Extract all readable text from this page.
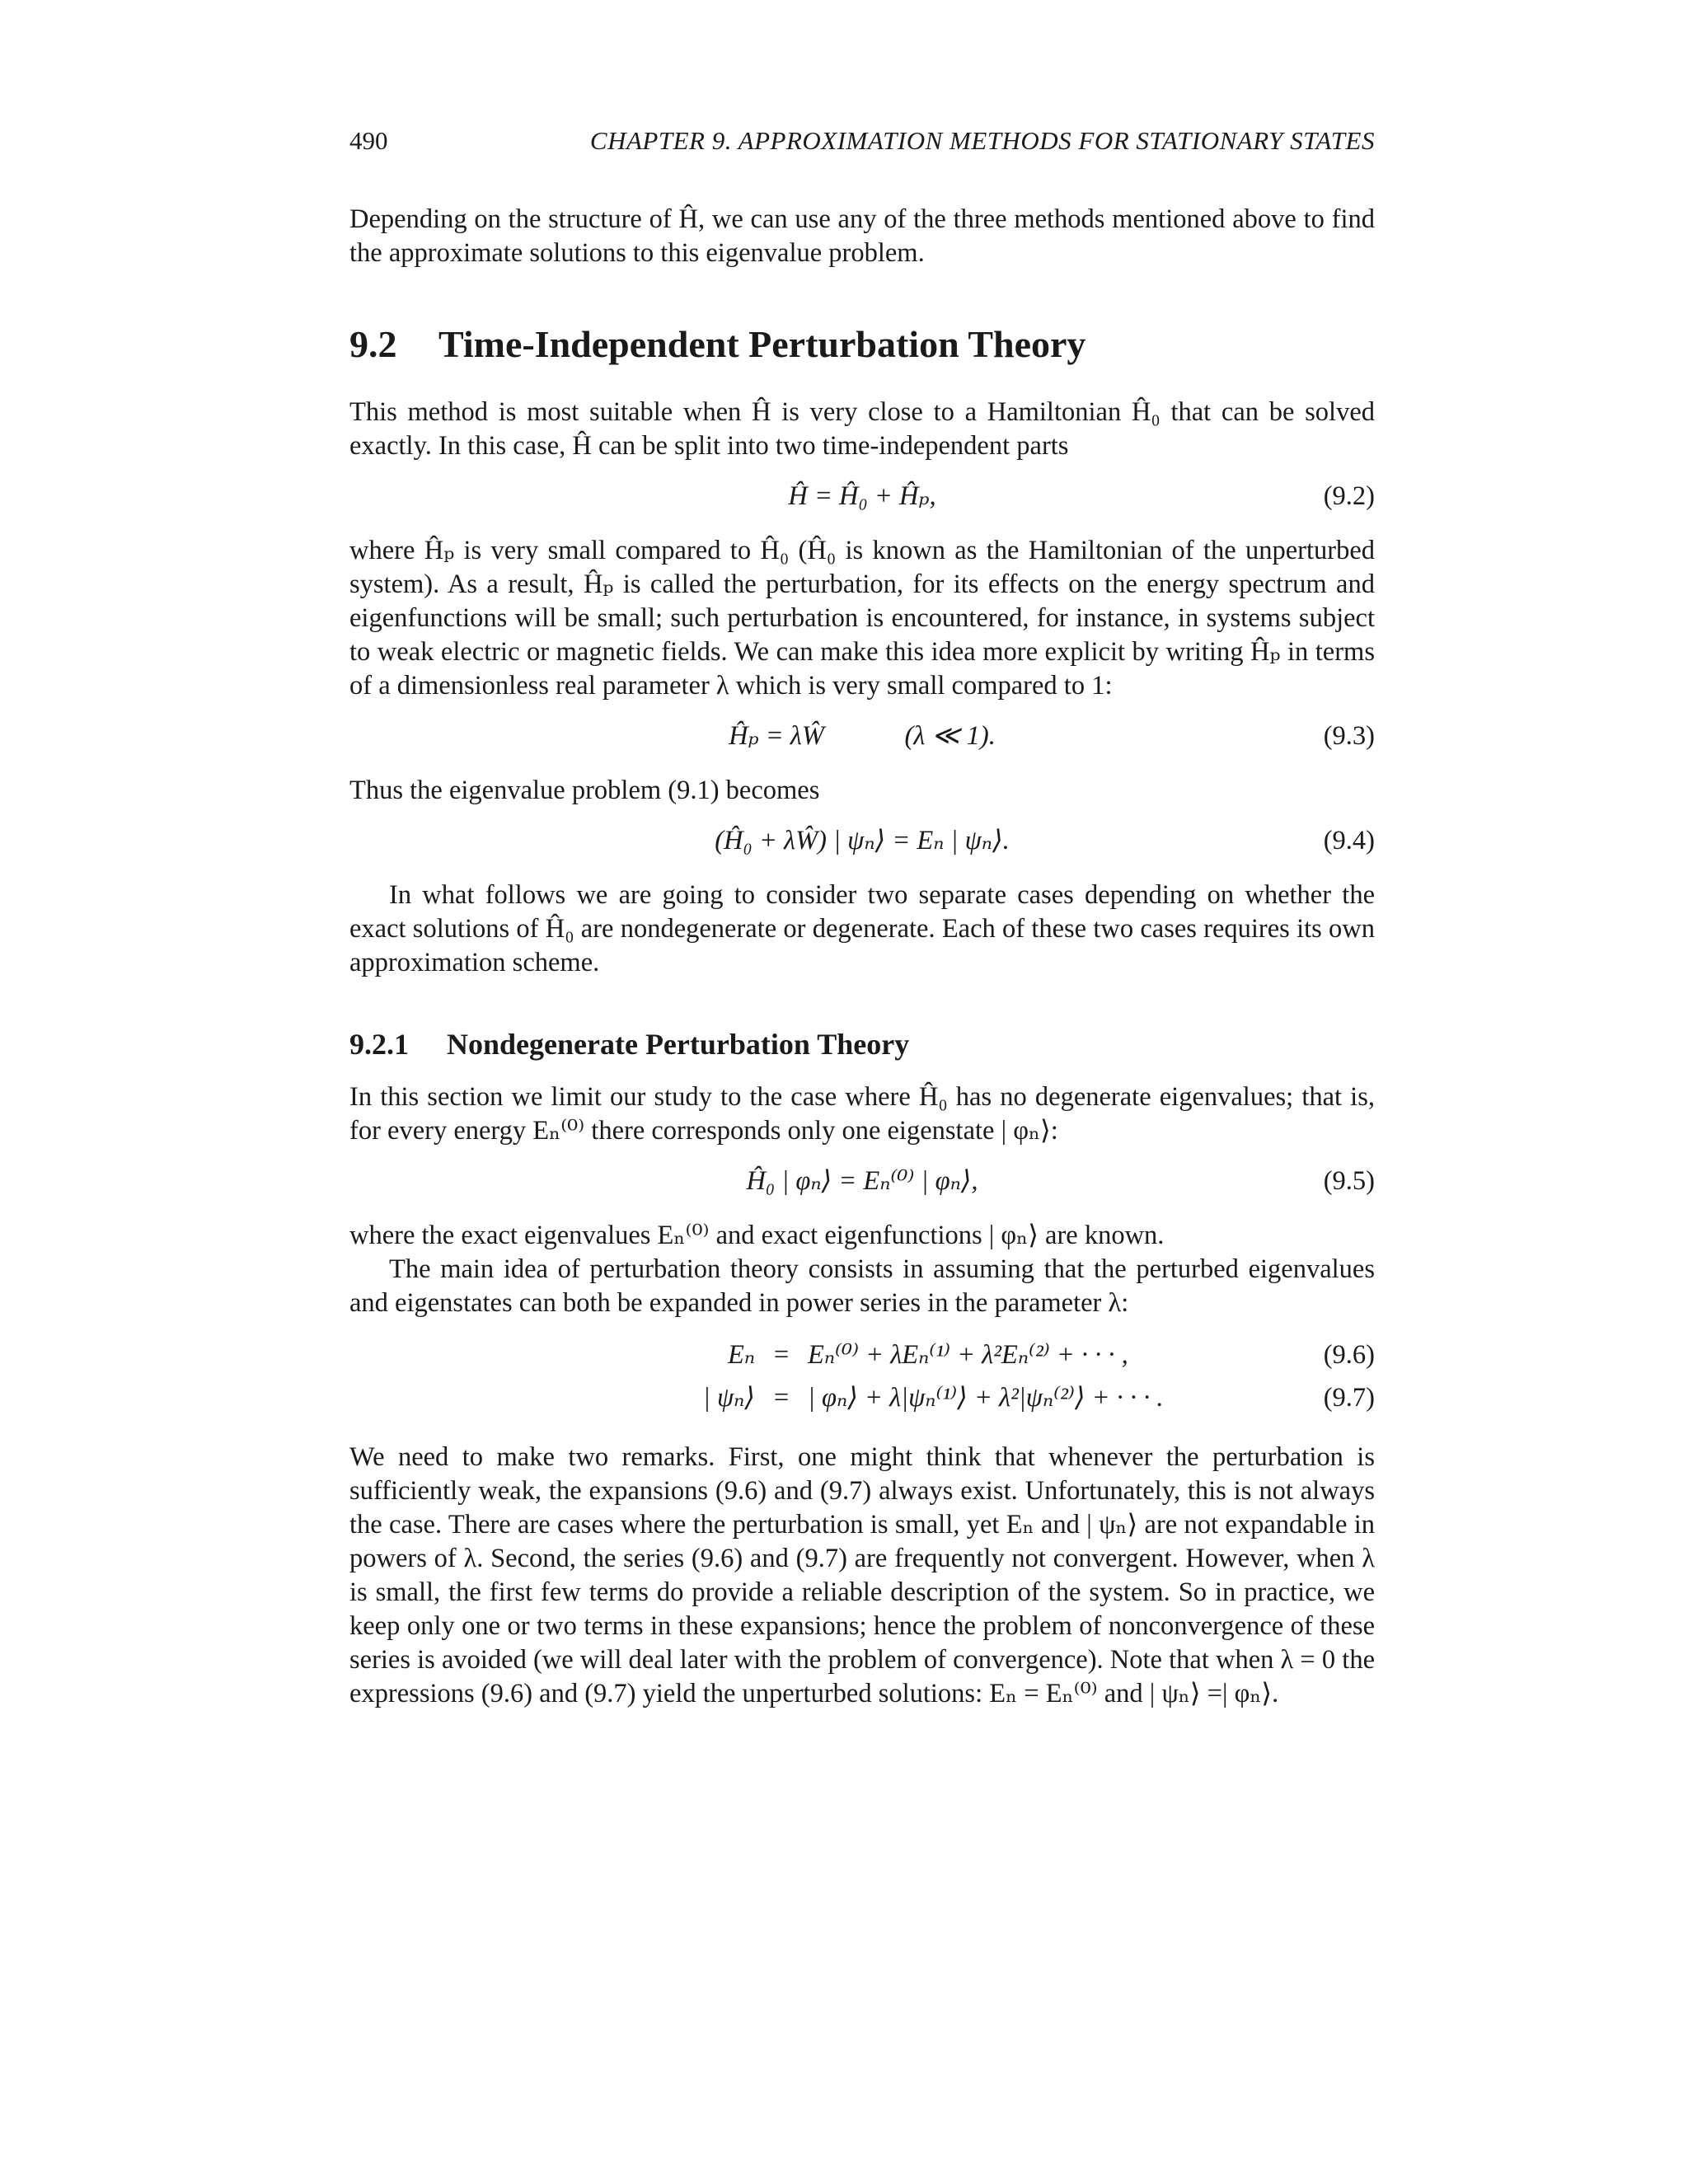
490	CHAPTER 9. APPROXIMATION METHODS FOR STATIONARY STATES

Depending on the structure of Ĥ, we can use any of the three methods mentioned above to find the approximate solutions to this eigenvalue problem.

9.2 Time-Independent Perturbation Theory

This method is most suitable when Ĥ is very close to a Hamiltonian Ĥ₀ that can be solved exactly. In this case, Ĥ can be split into two time-independent parts

Ĥ = Ĥ₀ + Ĥₚ,	(9.2)

where Ĥₚ is very small compared to Ĥ₀ (Ĥ₀ is known as the Hamiltonian of the unperturbed system). As a result, Ĥₚ is called the perturbation, for its effects on the energy spectrum and eigenfunctions will be small; such perturbation is encountered, for instance, in systems subject to weak electric or magnetic fields. We can make this idea more explicit by writing Ĥₚ in terms of a dimensionless real parameter λ which is very small compared to 1:

Ĥₚ = λŴ            (λ ≪ 1).	(9.3)

Thus the eigenvalue problem (9.1) becomes

(Ĥ₀ + λŴ) | ψₙ⟩ = Eₙ | ψₙ⟩.	(9.4)

In what follows we are going to consider two separate cases depending on whether the exact solutions of Ĥ₀ are nondegenerate or degenerate. Each of these two cases requires its own approximation scheme.

9.2.1 Nondegenerate Perturbation Theory

In this section we limit our study to the case where Ĥ₀ has no degenerate eigenvalues; that is, for every energy Eₙ⁽⁰⁾ there corresponds only one eigenstate | φₙ⟩:

Ĥ₀ | φₙ⟩ = Eₙ⁽⁰⁾ | φₙ⟩,	(9.5)

where the exact eigenvalues Eₙ⁽⁰⁾ and exact eigenfunctions | φₙ⟩ are known.

The main idea of perturbation theory consists in assuming that the perturbed eigenvalues and eigenstates can both be expanded in power series in the parameter λ:

Eₙ = Eₙ⁽⁰⁾ + λEₙ⁽¹⁾ + λ²Eₙ⁽²⁾ + · · · ,	(9.6)
| ψₙ⟩ = | φₙ⟩ + λ|ψₙ⁽¹⁾⟩ + λ²|ψₙ⁽²⁾⟩ + · · · .	(9.7)

We need to make two remarks. First, one might think that whenever the perturbation is sufficiently weak, the expansions (9.6) and (9.7) always exist. Unfortunately, this is not always the case. There are cases where the perturbation is small, yet Eₙ and | ψₙ⟩ are not expandable in powers of λ. Second, the series (9.6) and (9.7) are frequently not convergent. However, when λ is small, the first few terms do provide a reliable description of the system. So in practice, we keep only one or two terms in these expansions; hence the problem of nonconvergence of these series is avoided (we will deal later with the problem of convergence). Note that when λ = 0 the expressions (9.6) and (9.7) yield the unperturbed solutions: Eₙ = Eₙ⁽⁰⁾ and | ψₙ⟩ =| φₙ⟩.
